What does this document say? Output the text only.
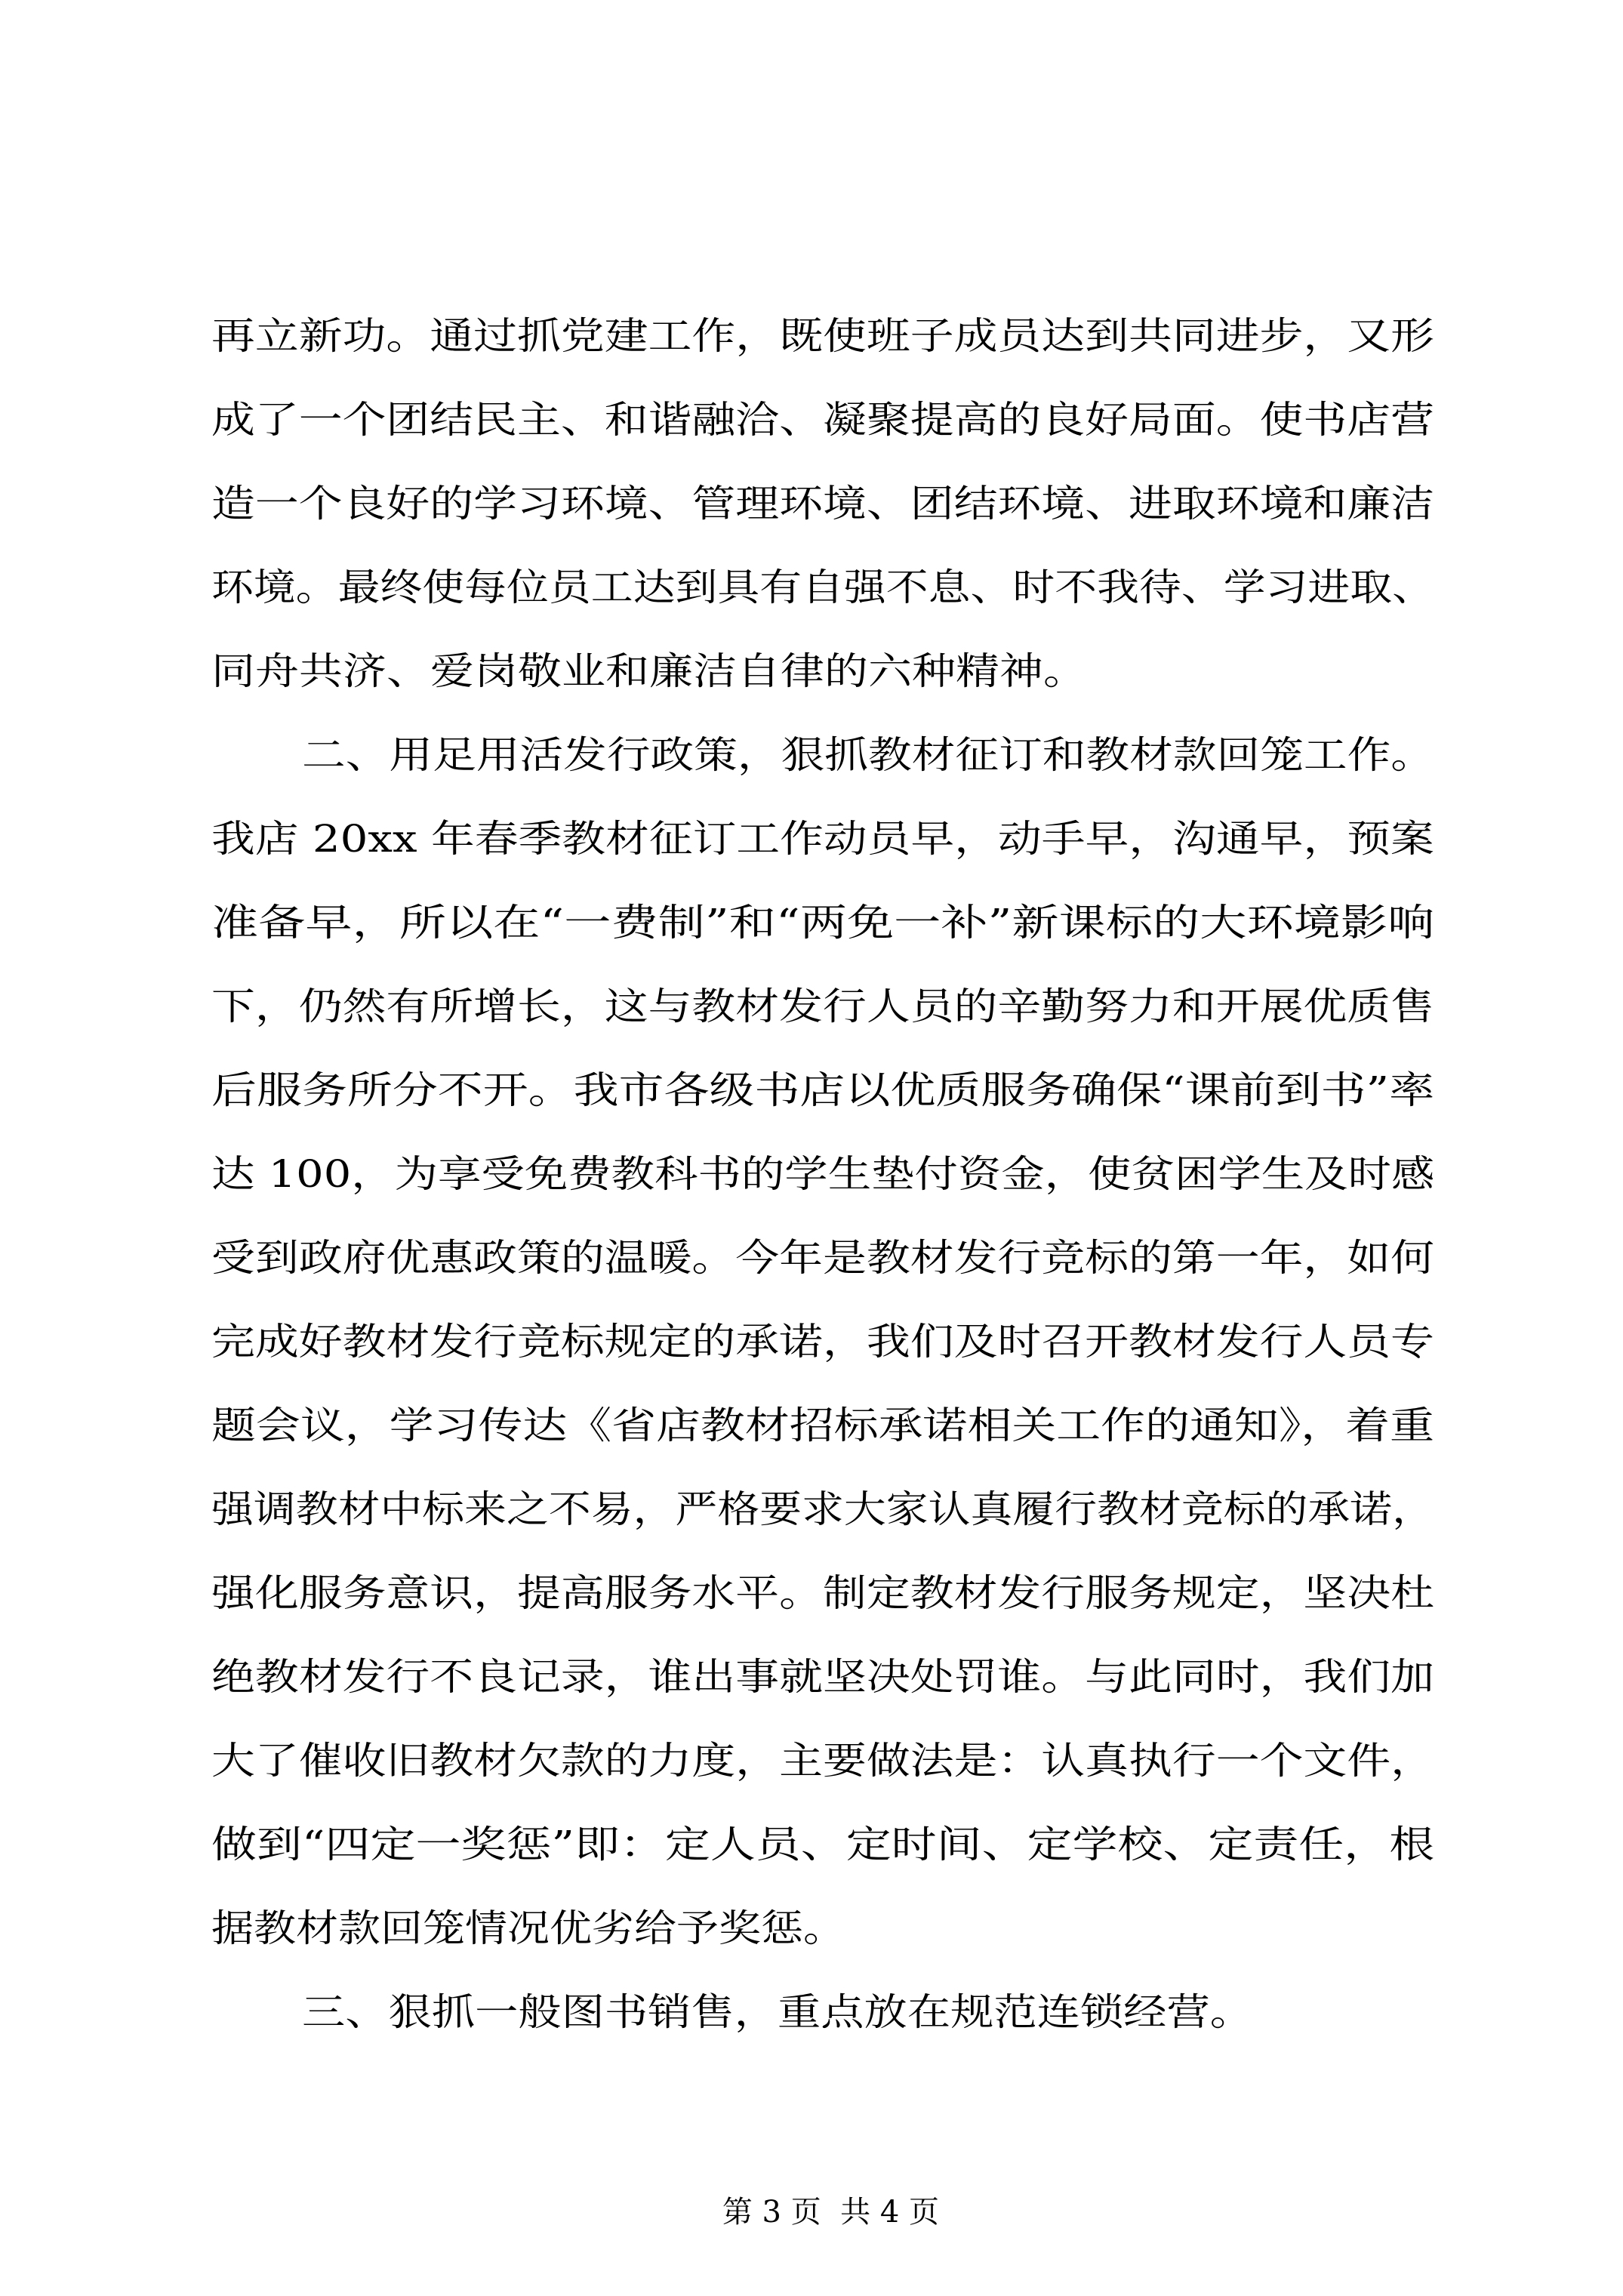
再立新功。通过抓党建工作，既使班子成员达到共同进步，又形
成了一个团结民主、和谐融洽、凝聚提高的良好局面。使书店营
造一个良好的学习环境、管理环境、团结环境、进取环境和廉洁
环境。最终使每位员工达到具有自强不息、时不我待、学习进取、
同舟共济、爱岗敬业和廉洁自律的六种精神。
二、用足用活发行政策，狠抓教材征订和教材款回笼工作。
我店 20xx 年春季教材征订工作动员早，动手早，沟通早，预案
准备早，所以在“一费制”和“两免一补”新课标的大环境影响
下，仍然有所增长，这与教材发行人员的辛勤努力和开展优质售
后服务所分不开。我市各级书店以优质服务确保“课前到书”率
达 100，为享受免费教科书的学生垫付资金，使贫困学生及时感
受到政府优惠政策的温暖。今年是教材发行竞标的第一年，如何
完成好教材发行竞标规定的承诺，我们及时召开教材发行人员专
题会议，学习传达《省店教材招标承诺相关工作的通知》，着重
强调教材中标来之不易，严格要求大家认真履行教材竞标的承诺，
强化服务意识，提高服务水平。制定教材发行服务规定，坚决杜
绝教材发行不良记录，谁出事就坚决处罚谁。与此同时，我们加
大了催收旧教材欠款的力度，主要做法是：认真执行一个文件，
做到“四定一奖惩”即：定人员、定时间、定学校、定责任，根
据教材款回笼情况优劣给予奖惩。
三、狠抓一般图书销售，重点放在规范连锁经营。

第 3 页  共 4 页
